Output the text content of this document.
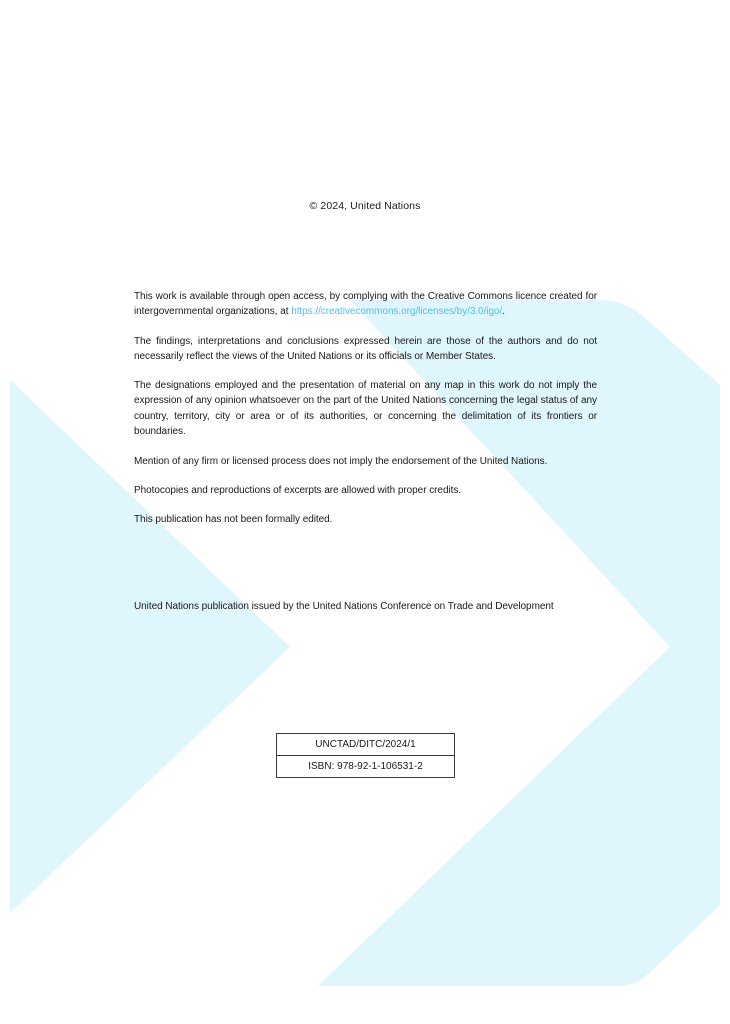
© 2024, United Nations

This work is available through open access, by complying with the Creative Commons licence created for intergovernmental organizations, at https://creativecommons.org/licenses/by/3.0/igo/.

The findings, interpretations and conclusions expressed herein are those of the authors and do not necessarily reflect the views of the United Nations or its officials or Member States.

The designations employed and the presentation of material on any map in this work do not imply the expression of any opinion whatsoever on the part of the United Nations concerning the legal status of any country, territory, city or area or of its authorities, or concerning the delimitation of its frontiers or boundaries.

Mention of any firm or licensed process does not imply the endorsement of the United Nations.

Photocopies and reproductions of excerpts are allowed with proper credits.

This publication has not been formally edited.

United Nations publication issued by the United Nations Conference on Trade and Development

UNCTAD/DITC/2024/1
ISBN: 978-92-1-106531-2
